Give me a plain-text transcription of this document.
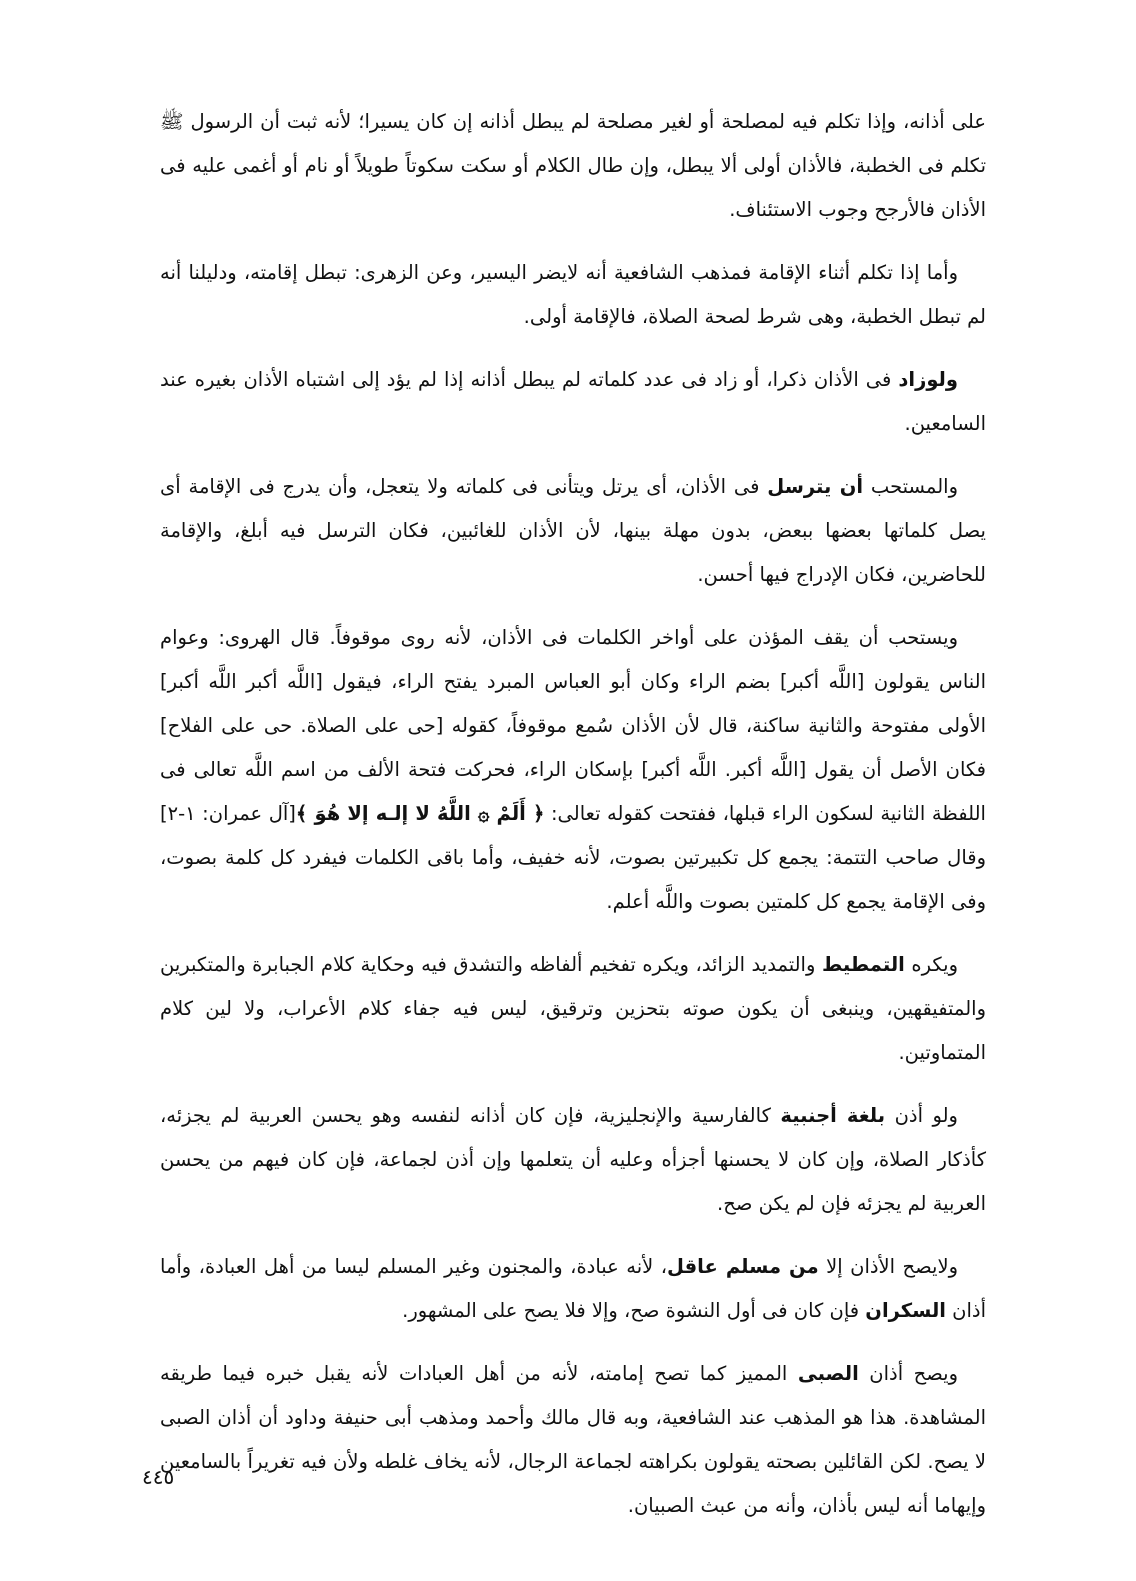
على أذانه، وإذا تكلم فيه لمصلحة أو لغير مصلحة لم يبطل أذانه إن كان يسيرا؛ لأنه ثبت أن الرسول ﷺ تكلم فى الخطبة، فالأذان أولى ألا يبطل، وإن طال الكلام أو سكت سكوتاً طويلاً أو نام أو أغمى عليه فى الأذان فالأرجح وجوب الاستئناف.

وأما إذا تكلم أثناء الإقامة فمذهب الشافعية أنه لايضر اليسير، وعن الزهرى: تبطل إقامته، ودليلنا أنه لم تبطل الخطبة، وهى شرط لصحة الصلاة، فالإقامة أولى.

ولوزاد فى الأذان ذكرا، أو زاد فى عدد كلماته لم يبطل أذانه إذا لم يؤد إلى اشتباه الأذان بغيره عند السامعين.

والمستحب أن يترسل فى الأذان، أى يرتل ويتأنى فى كلماته ولا يتعجل، وأن يدرج فى الإقامة أى يصل كلماتها بعضها ببعض، بدون مهلة بينها، لأن الأذان للغائبين، فكان الترسل فيه أبلغ، والإقامة للحاضرين، فكان الإدراج فيها أحسن.

ويستحب أن يقف المؤذن على أواخر الكلمات فى الأذان، لأنه روى موقوفاً. قال الهروى: وعوام الناس يقولون [اللَّه أكبر] بضم الراء وكان أبو العباس المبرد يفتح الراء، فيقول [اللَّه أكبر اللَّه أكبر] الأولى مفتوحة والثانية ساكنة، قال لأن الأذان سُمع موقوفاً، كقوله [حى على الصلاة. حى على الفلاح] فكان الأصل أن يقول [اللَّه أكبر. اللَّه أكبر] بإسكان الراء، فحركت فتحة الألف من اسم اللَّه تعالى فى اللفظة الثانية لسكون الراء قبلها، ففتحت كقوله تعالى: ﴿ أَلَمْ ۞ اللَّهُ لا إلـه إلا هُوَ ﴾[آل عمران: ١-٢] وقال صاحب التتمة: يجمع كل تكبيرتين بصوت، لأنه خفيف، وأما باقى الكلمات فيفرد كل كلمة بصوت، وفى الإقامة يجمع كل كلمتين بصوت واللَّه أعلم.

ويكره التمطيط والتمديد الزائد، ويكره تفخيم ألفاظه والتشدق فيه وحكاية كلام الجبابرة والمتكبرين والمتفيقهين، وينبغى أن يكون صوته بتحزين وترقيق، ليس فيه جفاء كلام الأعراب، ولا لين كلام المتماوتين.

ولو أذن بلغة أجنبية كالفارسية والإنجليزية، فإن كان أذانه لنفسه وهو يحسن العربية لم يجزئه، كأذكار الصلاة، وإن كان لا يحسنها أجزأه وعليه أن يتعلمها وإن أذن لجماعة، فإن كان فيهم من يحسن العربية لم يجزئه فإن لم يكن صح.

ولايصح الأذان إلا من مسلم عاقل، لأنه عبادة، والمجنون وغير المسلم ليسا من أهل العبادة، وأما أذان السكران فإن كان فى أول النشوة صح، وإلا فلا يصح على المشهور.

ويصح أذان الصبى المميز كما تصح إمامته، لأنه من أهل العبادات لأنه يقبل خبره فيما طريقه المشاهدة. هذا هو المذهب عند الشافعية، وبه قال مالك وأحمد ومذهب أبى حنيفة وداود أن أذان الصبى لا يصح. لكن القائلين بصحته يقولون بكراهته لجماعة الرجال، لأنه يخاف غلطه ولأن فيه تغريراً بالسامعين وإيهاما أنه ليس بأذان، وأنه من عبث الصبيان.

٤٤٥
